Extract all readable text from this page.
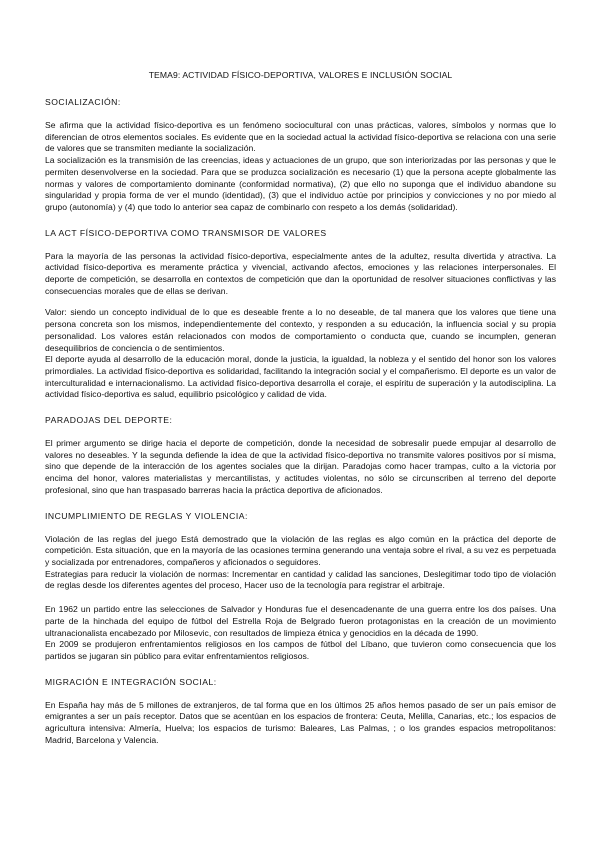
TEMA9: ACTIVIDAD FÍSICO-DEPORTIVA, VALORES E INCLUSIÓN SOCIAL
SOCIALIZACIÓN:

Se afirma que la actividad físico-deportiva es un fenómeno sociocultural con unas prácticas, valores, símbolos y normas que lo diferencian de otros elementos sociales. Es evidente que en la sociedad actual la actividad físico-deportiva se relaciona con una serie de valores que se transmiten mediante la socialización.

La socialización es la transmisión de las creencias, ideas y actuaciones de un grupo, que son interiorizadas por las personas y que le permiten desenvolverse en la sociedad. Para que se produzca socialización es necesario (1) que la persona acepte globalmente las normas y valores de comportamiento dominante (conformidad normativa), (2) que ello no suponga que el individuo abandone su singularidad y propia forma de ver el mundo (identidad), (3) que el individuo actúe por principios y convicciones y no por miedo al grupo (autonomía) y (4) que todo lo anterior sea capaz de combinarlo con respeto a los demás (solidaridad).

LA ACT FÍSICO-DEPORTIVA COMO TRANSMISOR DE VALORES

Para la mayoría de las personas la actividad físico-deportiva, especialmente antes de la adultez, resulta divertida y atractiva. La actividad físico-deportiva es meramente práctica y vivencial, activando afectos, emociones y las relaciones interpersonales. El deporte de competición, se desarrolla en contextos de competición que dan la oportunidad de resolver situaciones conflictivas y las consecuencias morales que de ellas se derivan.

Valor: siendo un concepto individual de lo que es deseable frente a lo no deseable, de tal manera que los valores que tiene una persona concreta son los mismos, independientemente del contexto, y responden a su educación, la influencia social y su propia personalidad. Los valores están relacionados con modos de comportamiento o conducta que, cuando se incumplen, generan desequilibrios de conciencia o de sentimientos.

El deporte ayuda al desarrollo de la educación moral, donde la justicia, la igualdad, la nobleza y el sentido del honor son los valores primordiales. La actividad físico-deportiva es solidaridad, facilitando la integración social y el compañerismo. El deporte es un valor de interculturalidad e internacionalismo. La actividad físico-deportiva desarrolla el coraje, el espíritu de superación y la autodisciplina. La actividad físico-deportiva es salud, equilibrio psicológico y calidad de vida.

PARADOJAS DEL DEPORTE:

El primer argumento se dirige hacia el deporte de competición, donde la necesidad de sobresalir puede empujar al desarrollo de valores no deseables. Y la segunda defiende la idea de que la actividad físico-deportiva no transmite valores positivos por sí misma, sino que depende de la interacción de los agentes sociales que la dirijan. Paradojas como hacer trampas, culto a la victoria por encima del honor, valores materialistas y mercantilistas, y actitudes violentas, no sólo se circunscriben al terreno del deporte profesional, sino que han traspasado barreras hacia la práctica deportiva de aficionados.

INCUMPLIMIENTO DE REGLAS Y VIOLENCIA:

Violación de las reglas del juego Está demostrado que la violación de las reglas es algo común en la práctica del deporte de competición. Esta situación, que en la mayoría de las ocasiones termina generando una ventaja sobre el rival, a su vez es perpetuada y socializada por entrenadores, compañeros y aficionados o seguidores.

Estrategias para reducir la violación de normas: Incrementar en cantidad y calidad las sanciones, Deslegitimar todo tipo de violación de reglas desde los diferentes agentes del proceso, Hacer uso de la tecnología para registrar el arbitraje.

En 1962 un partido entre las selecciones de Salvador y Honduras fue el desencadenante de una guerra entre los dos países. Una parte de la hinchada del equipo de fútbol del Estrella Roja de Belgrado fueron protagonistas en la creación de un movimiento ultranacionalista encabezado por Milosevic, con resultados de limpieza étnica y genocidios en la década de 1990.

En 2009 se produjeron enfrentamientos religiosos en los campos de fútbol del Líbano, que tuvieron como consecuencia que los partidos se jugaran sin público para evitar enfrentamientos religiosos.

MIGRACIÓN E INTEGRACIÓN SOCIAL:

En España hay más de 5 millones de extranjeros, de tal forma que en los últimos 25 años hemos pasado de ser un país emisor de emigrantes a ser un país receptor. Datos que se acentúan en los espacios de frontera: Ceuta, Melilla, Canarias, etc.; los espacios de agricultura intensiva: Almería, Huelva; los espacios de turismo: Baleares, Las Palmas, ; o los grandes espacios metropolitanos: Madrid, Barcelona y Valencia.
